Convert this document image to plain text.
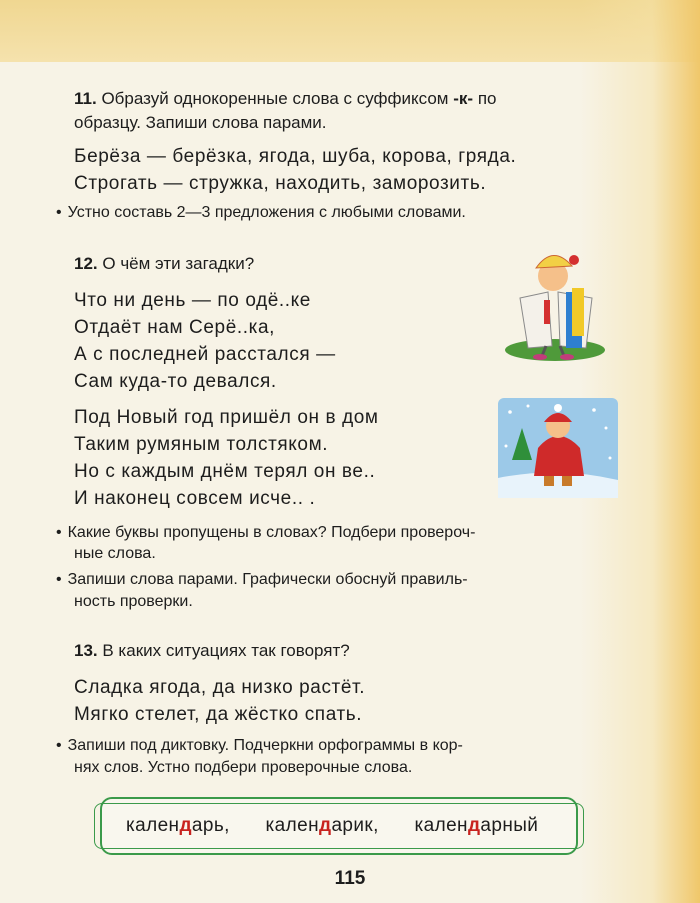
11. Образуй однокоренные слова с суффиксом -к- по
образцу. Запиши слова парами.
Берёза — берёзка, ягода, шуба, корова, гряда.
Строгать — стружка, находить, заморозить.
• Устно составь 2—3 предложения с любыми словами.
12. О чём эти загадки?
Что ни день — по одё..ке
Отдаёт нам Серё..ка,
А с последней расстался —
Сам куда-то девался.
Под Новый год пришёл он в дом
Таким румяным толстяком.
Но с каждым днём терял он ве..
И наконец совсем исче.. .
• Какие буквы пропущены в словах? Подбери провероч-
ные слова.
• Запиши слова парами. Графически обоснуй правиль-
ность проверки.
13. В каких ситуациях так говорят?
Сладка ягода, да низко растёт.
Мягко стелет, да жёстко спать.
• Запиши под диктовку. Подчеркни орфограммы в кор-
нях слов. Устно подбери проверочные слова.
календарь, календарик, календарный
115
